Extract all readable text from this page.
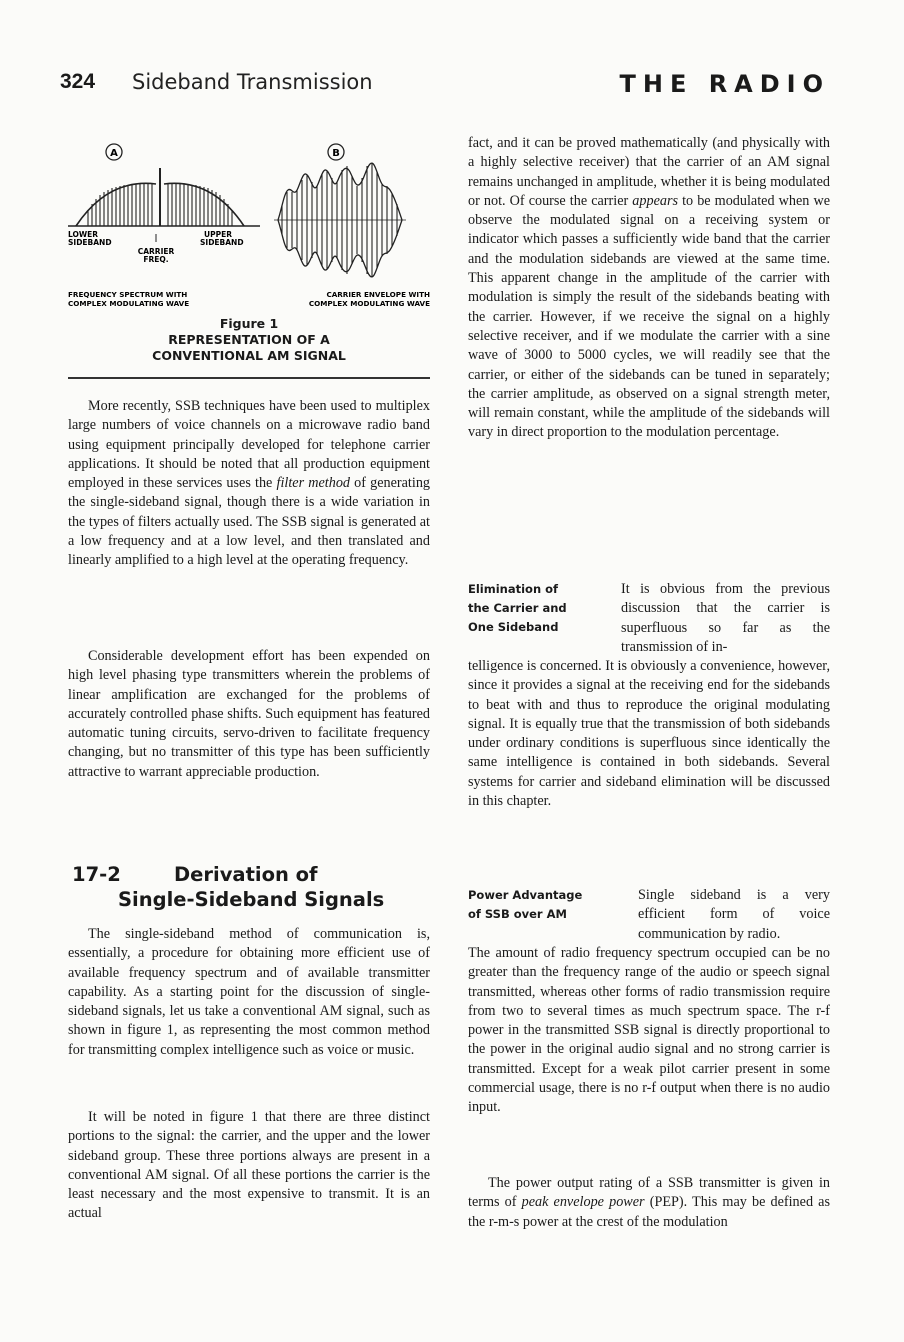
324 Sideband Transmission	THE RADIO
A	B
LOWER
SIDEBAND
UPPER
SIDEBAND
CARRIER
FREQ.
FREQUENCY SPECTRUM WITH
COMPLEX MODULATING WAVE
CARRIER ENVELOPE WITH
COMPLEX MODULATING WAVE
Figure 1
REPRESENTATION OF A
CONVENTIONAL AM SIGNAL

More recently, SSB techniques have been used to multiplex large numbers of voice channels on a microwave radio band using equipment principally developed for telephone carrier applications. It should be noted that all production equipment employed in these services uses the filter method of generating the single-sideband signal, though there is a wide variation in the types of filters actually used. The SSB signal is generated at a low frequency and at a low level, and then translated and linearly amplified to a high level at the operating frequency.

Considerable development effort has been expended on high level phasing type transmitters wherein the problems of linear amplification are exchanged for the problems of accurately controlled phase shifts. Such equipment has featured automatic tuning circuits, servo-driven to facilitate frequency changing, but no transmitter of this type has been sufficiently attractive to warrant appreciable production.

17-2	Derivation of
Single-Sideband Signals

The single-sideband method of communication is, essentially, a procedure for obtaining more efficient use of available frequency spectrum and of available transmitter capability. As a starting point for the discussion of single-sideband signals, let us take a conventional AM signal, such as shown in figure 1, as representing the most common method for transmitting complex intelligence such as voice or music.

It will be noted in figure 1 that there are three distinct portions to the signal: the carrier, and the upper and the lower sideband group. These three portions always are present in a conventional AM signal. Of all these portions the carrier is the least necessary and the most expensive to transmit. It is an actual

fact, and it can be proved mathematically (and physically with a highly selective receiver) that the carrier of an AM signal remains unchanged in amplitude, whether it is being modulated or not. Of course the carrier appears to be modulated when we observe the modulated signal on a receiving system or indicator which passes a sufficiently wide band that the carrier and the modulation sidebands are viewed at the same time. This apparent change in the amplitude of the carrier with modulation is simply the result of the sidebands beating with the carrier. However, if we receive the signal on a highly selective receiver, and if we modulate the carrier with a sine wave of 3000 to 5000 cycles, we will readily see that the carrier, or either of the sidebands can be tuned in separately; the carrier amplitude, as observed on a signal strength meter, will remain constant, while the amplitude of the sidebands will vary in direct proportion to the modulation percentage.

Elimination of
the Carrier and
One Sideband

It is obvious from the previous discussion that the carrier is superfluous so far as the transmission of in-

telligence is concerned. It is obviously a convenience, however, since it provides a signal at the receiving end for the sidebands to beat with and thus to reproduce the original modulating signal. It is equally true that the transmission of both sidebands under ordinary conditions is superfluous since identically the same intelligence is contained in both sidebands. Several systems for carrier and sideband elimination will be discussed in this chapter.

Power Advantage
of SSB over AM

Single sideband is a very efficient form of voice communication by radio.

The amount of radio frequency spectrum occupied can be no greater than the frequency range of the audio or speech signal transmitted, whereas other forms of radio transmission require from two to several times as much spectrum space. The r-f power in the transmitted SSB signal is directly proportional to the power in the original audio signal and no strong carrier is transmitted. Except for a weak pilot carrier present in some commercial usage, there is no r-f output when there is no audio input.

The power output rating of a SSB transmitter is given in terms of peak envelope power (PEP). This may be defined as the r-m-s power at the crest of the modulation
